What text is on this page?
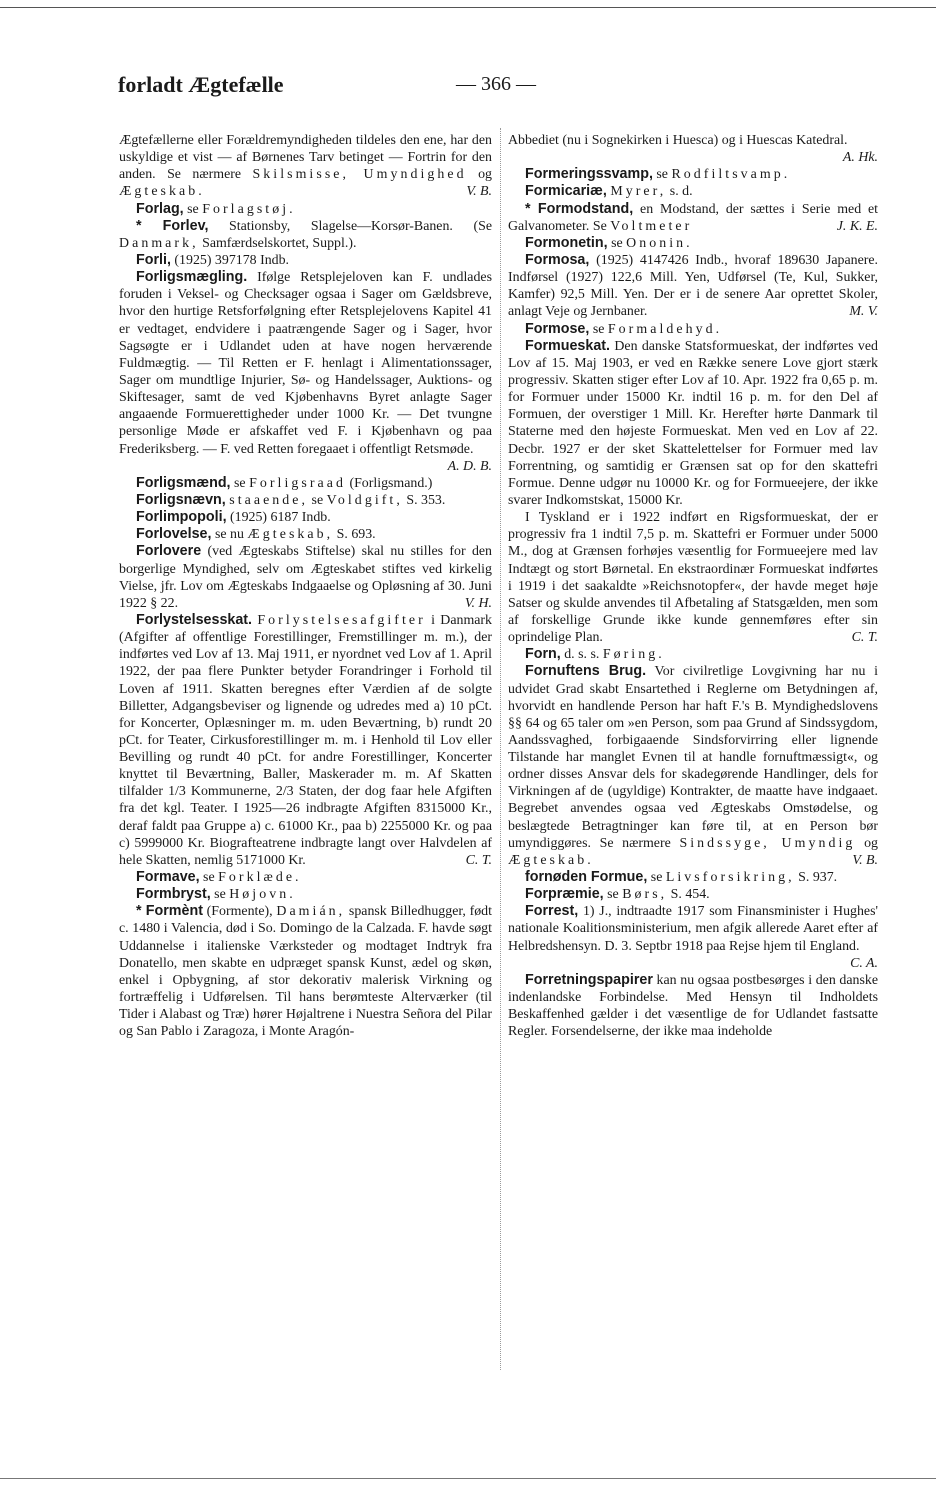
forladt Ægtefælle	— 366 —

Ægtefællerne eller Forældremyndigheden tildeles den ene, har den uskyldige et vist — af Børnenes Tarv betinget — Fortrin for den anden. Se nærmere Skilsmisse, Umyndighed og Ægteskab.	V. B.

Forlag, se Forlagstøj.

* Forlev, Stationsby, Slagelse—Korsør-Banen. (Se Danmark, Samfærdselskortet, Suppl.).

Forli, (1925) 397178 Indb.

Forligsmægling. Ifølge Retsplejeloven kan F. undlades foruden i Veksel- og Checksager ogsaa i Sager om Gældsbreve, hvor den hurtige Retsforfølgning efter Retsplejelovens Kapitel 41 er vedtaget, endvidere i paatrængende Sager og i Sager, hvor Sagsøgte er i Udlandet uden at have nogen herværende Fuldmægtig. — Til Retten er F. henlagt i Alimentationssager, Sager om mundtlige Injurier, Sø- og Handelssager, Auktions- og Skiftesager, samt de ved Kjøbenhavns Byret anlagte Sager angaaende Formuerettigheder under 1000 Kr. — Det tvungne personlige Møde er afskaffet ved F. i Kjøbenhavn og paa Frederiksberg. — F. ved Retten foregaaet i offentligt Retsmøde.
A. D. B.

Forligsmænd, se Forligsraad (Forligsmand.)

Forligsnævn, staaende, se Voldgift, S. 353.

Forlimpopoli, (1925) 6187 Indb.

Forlovelse, se nu Ægteskab, S. 693.

Forlovere (ved Ægteskabs Stiftelse) skal nu stilles for den borgerlige Myndighed, selv om Ægteskabet stiftes ved kirkelig Vielse, jfr. Lov om Ægteskabs Indgaaelse og Opløsning af 30. Juni 1922 § 22.	V. H.

Forlystelsesskat. Forlystelsesafgifter i Danmark (Afgifter af offentlige Forestillinger, Fremstillinger m. m.), der indførtes ved Lov af 13. Maj 1911, er nyordnet ved Lov af 1. April 1922, der paa flere Punkter betyder Forandringer i Forhold til Loven af 1911. Skatten beregnes efter Værdien af de solgte Billetter, Adgangsbeviser og lignende og udredes med a) 10 pCt. for Koncerter, Oplæsninger m. m. uden Beværtning, b) rundt 20 pCt. for Teater, Cirkusforestillinger m. m. i Henhold til Lov eller Bevilling og rundt 40 pCt. for andre Forestillinger, Koncerter knyttet til Beværtning, Baller, Maskerader m. m. Af Skatten tilfalder 1/3 Kommunerne, 2/3 Staten, der dog faar hele Afgiften fra det kgl. Teater. I 1925—26 indbragte Afgiften 8315000 Kr., deraf faldt paa Gruppe a) c. 61000 Kr., paa b) 2255000 Kr. og paa c) 5999000 Kr. Biografteatrene indbragte langt over Halvdelen af hele Skatten, nemlig 5171000 Kr.	C. T.

Formave, se Forklæde.

Formbryst, se Højovn.

* Formènt (Formente), Damián, spansk Billedhugger, født c. 1480 i Valencia, død i So. Domingo de la Calzada. F. havde søgt Uddannelse i italienske Værksteder og modtaget Indtryk fra Donatello, men skabte en udpræget spansk Kunst, ædel og skøn, enkel i Opbygning, af stor dekorativ malerisk Virkning og fortræffelig i Udførelsen. Til hans berømteste Alterværker (til Tider i Alabast og Træ) hører Højaltrene i Nuestra Señora del Pilar og San Pablo i Zaragoza, i Monte Aragón-

Abbediet (nu i Sognekirken i Huesca) og i Huescas Katedral.
A. Hk.

Formeringssvamp, se Rodfiltsvamp.

Formicariæ, Myrer, s. d.

* Formodstand, en Modstand, der sættes i Serie med et Galvanometer. Se Voltmeter	J. K. E.

Formonetin, se Ononin.

Formosa, (1925) 4147426 Indb., hvoraf 189630 Japanere. Indførsel (1927) 122,6 Mill. Yen, Udførsel (Te, Kul, Sukker, Kamfer) 92,5 Mill. Yen. Der er i de senere Aar oprettet Skoler, anlagt Veje og Jernbaner.	M. V.

Formose, se Formaldehyd.

Formueskat. Den danske Statsformueskat, der indførtes ved Lov af 15. Maj 1903, er ved en Række senere Love gjort stærk progressiv. Skatten stiger efter Lov af 10. Apr. 1922 fra 0,65 p. m. for Formuer under 15000 Kr. indtil 16 p. m. for den Del af Formuen, der overstiger 1 Mill. Kr. Herefter hørte Danmark til Staterne med den højeste Formueskat. Men ved en Lov af 22. Decbr. 1927 er der sket Skattelettelser for Formuer med lav Forrentning, og samtidig er Grænsen sat op for den skattefri Formue. Denne udgør nu 10000 Kr. og for Formueejere, der ikke svarer Indkomstskat, 15000 Kr.

I Tyskland er i 1922 indført en Rigsformueskat, der er progressiv fra 1 indtil 7,5 p. m. Skattefri er Formuer under 5000 M., dog at Grænsen forhøjes væsentlig for Formueejere med lav Indtægt og stort Børnetal. En ekstraordinær Formueskat indførtes i 1919 i det saakaldte »Reichsnotopfer«, der havde meget høje Satser og skulde anvendes til Afbetaling af Statsgælden, men som af forskellige Grunde ikke kunde gennemføres efter sin oprindelige Plan.	C. T.

Forn, d. s. s. Føring.

Fornuftens Brug. Vor civilretlige Lovgivning har nu i udvidet Grad skabt Ensartethed i Reglerne om Betydningen af, hvorvidt en handlende Person har haft F.'s B. Myndighedslovens §§ 64 og 65 taler om »en Person, som paa Grund af Sindssygdom, Aandssvaghed, forbigaaende Sindsforvirring eller lignende Tilstande har manglet Evnen til at handle fornuftmæssigt«, og ordner disses Ansvar dels for skadegørende Handlinger, dels for Virkningen af de (ugyldige) Kontrakter, de maatte have indgaaet. Begrebet anvendes ogsaa ved Ægteskabs Omstødelse, og beslægtede Betragtninger kan føre til, at en Person bør umyndiggøres. Se nærmere Sindssyge, Umyndig og Ægteskab.	V. B.

fornøden Formue, se Livsforsikring, S. 937.

Forpræmie, se Børs, S. 454.

Forrest, 1) J., indtraadte 1917 som Finansminister i Hughes' nationale Koalitionsministerium, men afgik allerede Aaret efter af Helbredshensyn. D. 3. Septbr 1918 paa Rejse hjem til England.
C. A.

Forretningspapirer kan nu ogsaa postbesørges i den danske indenlandske Forbindelse. Med Hensyn til Indholdets Beskaffenhed gælder i det væsentlige de for Udlandet fastsatte Regler. Forsendelserne, der ikke maa indeholde
